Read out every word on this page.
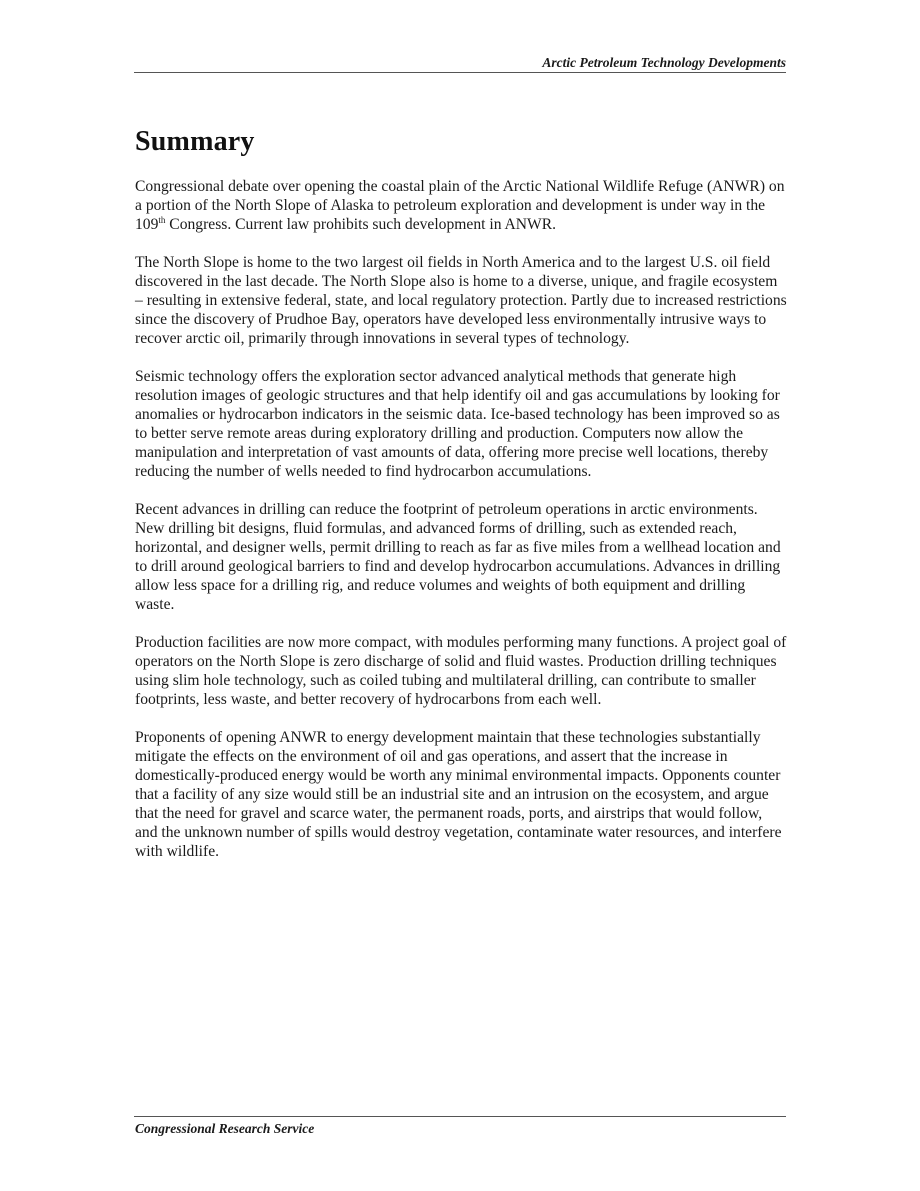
Arctic Petroleum Technology Developments
Summary

Congressional debate over opening the coastal plain of the Arctic National Wildlife Refuge (ANWR) on a portion of the North Slope of Alaska to petroleum exploration and development is under way in the 109th Congress. Current law prohibits such development in ANWR.

The North Slope is home to the two largest oil fields in North America and to the largest U.S. oil field discovered in the last decade. The North Slope also is home to a diverse, unique, and fragile ecosystem – resulting in extensive federal, state, and local regulatory protection. Partly due to increased restrictions since the discovery of Prudhoe Bay, operators have developed less environmentally intrusive ways to recover arctic oil, primarily through innovations in several types of technology.

Seismic technology offers the exploration sector advanced analytical methods that generate high resolution images of geologic structures and that help identify oil and gas accumulations by looking for anomalies or hydrocarbon indicators in the seismic data. Ice-based technology has been improved so as to better serve remote areas during exploratory drilling and production. Computers now allow the manipulation and interpretation of vast amounts of data, offering more precise well locations, thereby reducing the number of wells needed to find hydrocarbon accumulations.

Recent advances in drilling can reduce the footprint of petroleum operations in arctic environments. New drilling bit designs, fluid formulas, and advanced forms of drilling, such as extended reach, horizontal, and designer wells, permit drilling to reach as far as five miles from a wellhead location and to drill around geological barriers to find and develop hydrocarbon accumulations. Advances in drilling allow less space for a drilling rig, and reduce volumes and weights of both equipment and drilling waste.

Production facilities are now more compact, with modules performing many functions. A project goal of operators on the North Slope is zero discharge of solid and fluid wastes. Production drilling techniques using slim hole technology, such as coiled tubing and multilateral drilling, can contribute to smaller footprints, less waste, and better recovery of hydrocarbons from each well.

Proponents of opening ANWR to energy development maintain that these technologies substantially mitigate the effects on the environment of oil and gas operations, and assert that the increase in domestically-produced energy would be worth any minimal environmental impacts. Opponents counter that a facility of any size would still be an industrial site and an intrusion on the ecosystem, and argue that the need for gravel and scarce water, the permanent roads, ports, and airstrips that would follow, and the unknown number of spills would destroy vegetation, contaminate water resources, and interfere with wildlife.

Congressional Research Service
